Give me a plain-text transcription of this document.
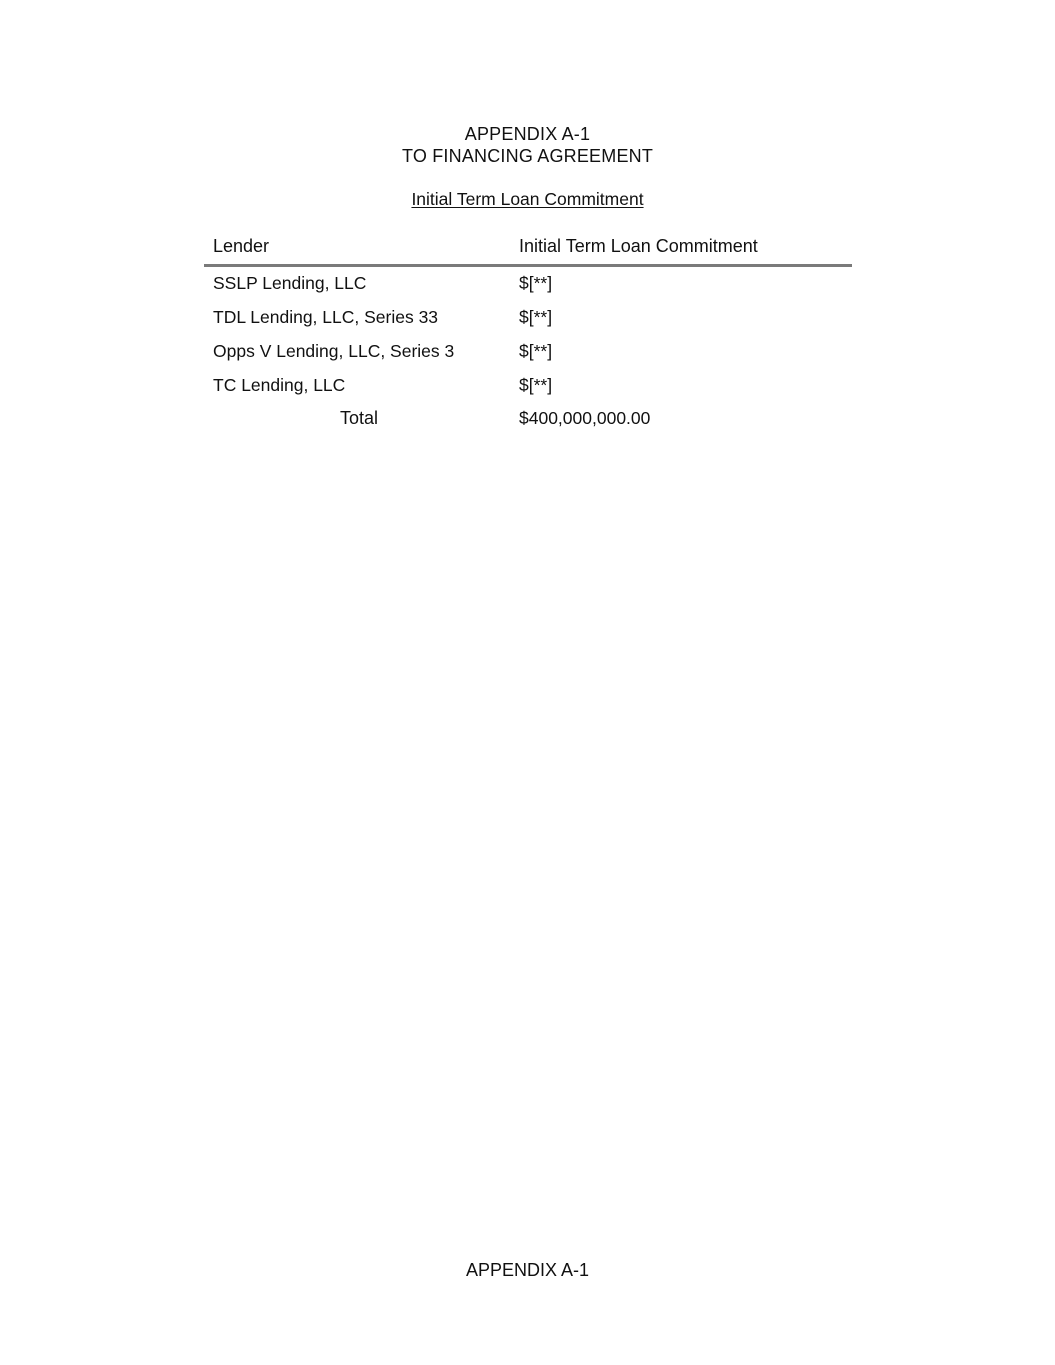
APPENDIX A-1
TO FINANCING AGREEMENT
Initial Term Loan Commitment
Lender	Initial Term Loan Commitment
SSLP Lending, LLC	$[**]
TDL Lending, LLC, Series 33	$[**]
Opps V Lending, LLC, Series 3	$[**]
TC Lending, LLC	$[**]
Total	$400,000,000.00
APPENDIX A-1
